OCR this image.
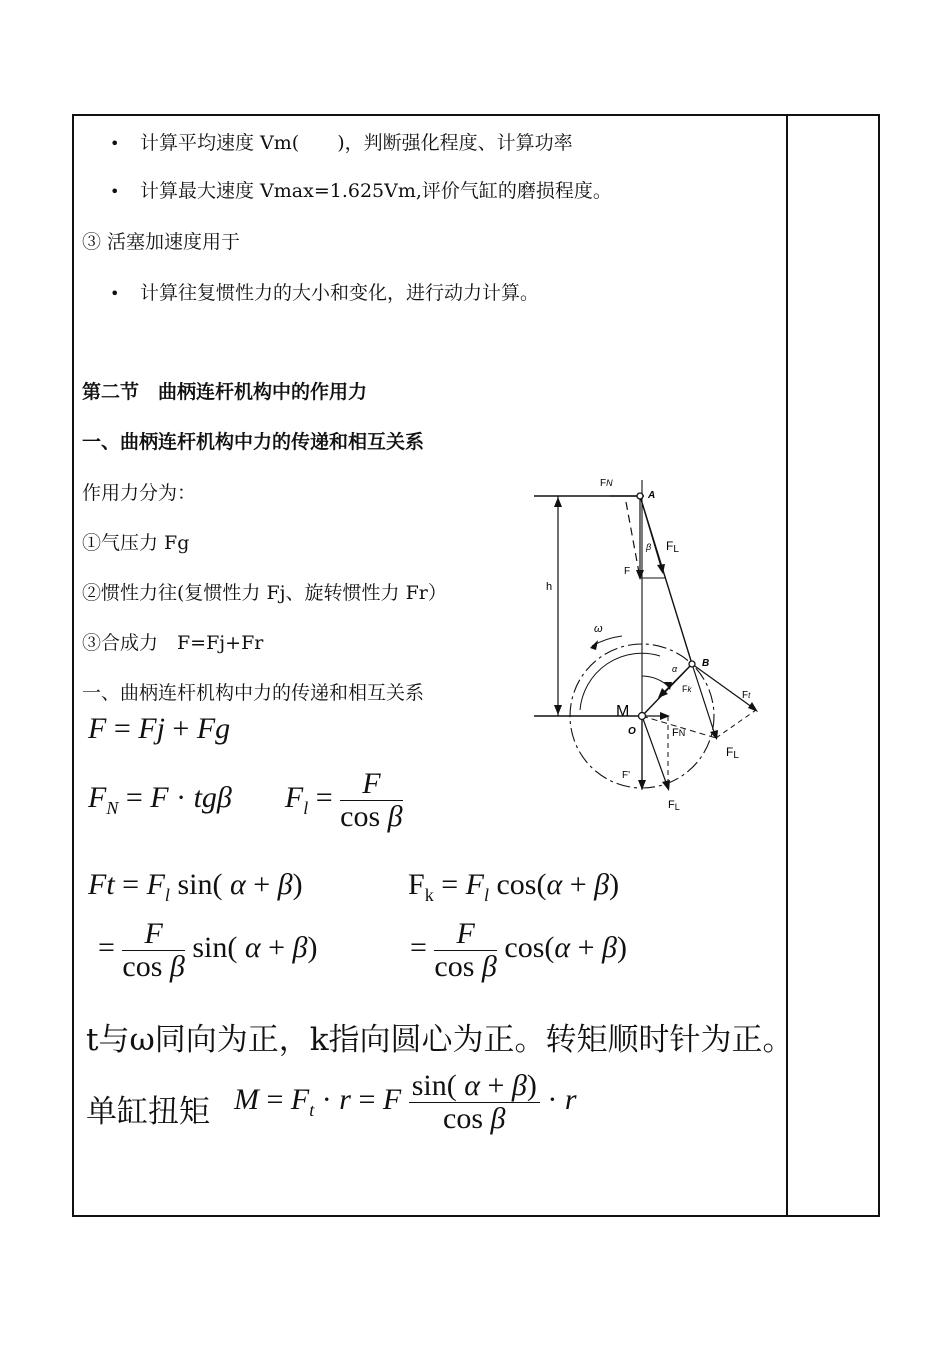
• 计算平均速度 Vm(　　)，判断强化程度、计算功率
• 计算最大速度 Vmax=1.625Vm,评价气缸的磨损程度。
③ 活塞加速度用于
• 计算往复惯性力的大小和变化，进行动力计算。
第二节　曲柄连杆机构中的作用力
一、曲柄连杆机构中力的传递和相互关系
作用力分为：
①气压力 Fg
②惯性力往(复惯性力 Fj、旋转惯性力 Fr）
③合成力　F=Fj+Fr
一、曲柄连杆机构中力的传递和相互关系
F = Fj + Fg
$F_N = F \cdot tg\beta$ $F_l = \frac{F}{\text{cos β}}$
$Ft = F_l$ sin( α + β)	$F_k = F_l$ cos(α + β)
= $\frac{F}{\text{cos β}} \sin$( α + β)	= $\frac{F}{\text{cos β}} \cos(\alpha + \beta)$
t与ω同向为正，k指向圆心为正。转矩顺时针为正。
单缸扭矩 $M = F_t \cdot r = F \frac{\sin( \alpha + \beta)}{\text{cos β}} \cdot r$
h
ω
FN
A
β FL
F
α B
Fk
Ft
M
O	FN
FL
F'
FL
